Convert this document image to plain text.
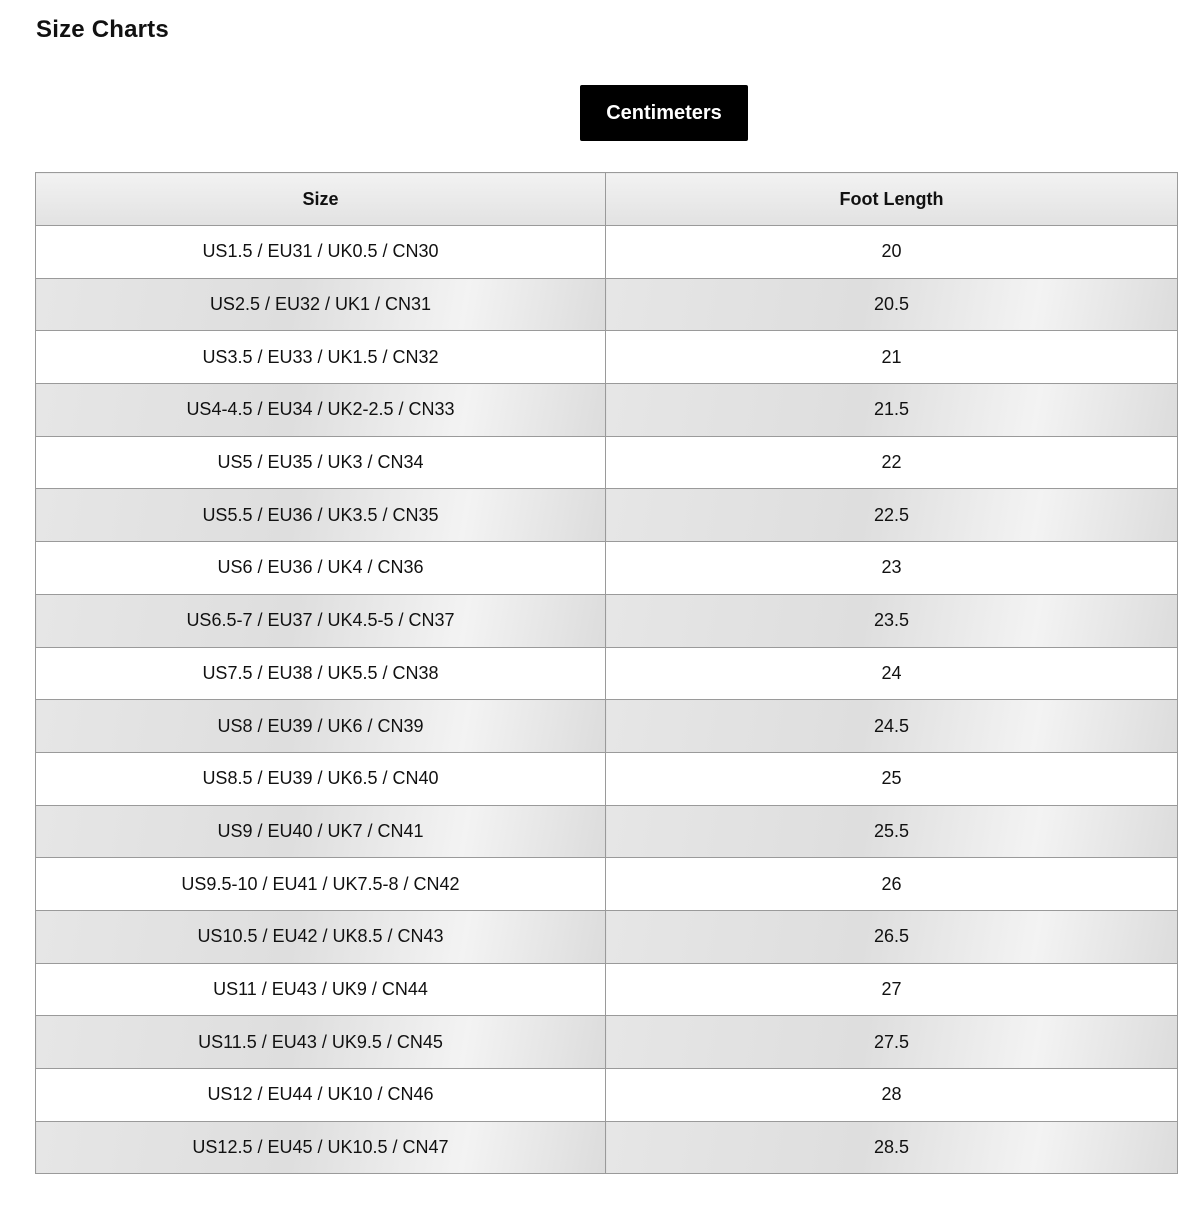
Size Charts
Centimeters
Size	Foot Length
US1.5 / EU31 / UK0.5 / CN30	20
US2.5 / EU32 / UK1 / CN31	20.5
US3.5 / EU33 / UK1.5 / CN32	21
US4-4.5 / EU34 / UK2-2.5 / CN33	21.5
US5 / EU35 / UK3 / CN34	22
US5.5 / EU36 / UK3.5 / CN35	22.5
US6 / EU36 / UK4 / CN36	23
US6.5-7 / EU37 / UK4.5-5 / CN37	23.5
US7.5 / EU38 / UK5.5 / CN38	24
US8 / EU39 / UK6 / CN39	24.5
US8.5 / EU39 / UK6.5 / CN40	25
US9 / EU40 / UK7 / CN41	25.5
US9.5-10 / EU41 / UK7.5-8 / CN42	26
US10.5 / EU42 / UK8.5 / CN43	26.5
US11 / EU43 / UK9 / CN44	27
US11.5 / EU43 / UK9.5 / CN45	27.5
US12 / EU44 / UK10 / CN46	28
US12.5 / EU45 / UK10.5 / CN47	28.5
